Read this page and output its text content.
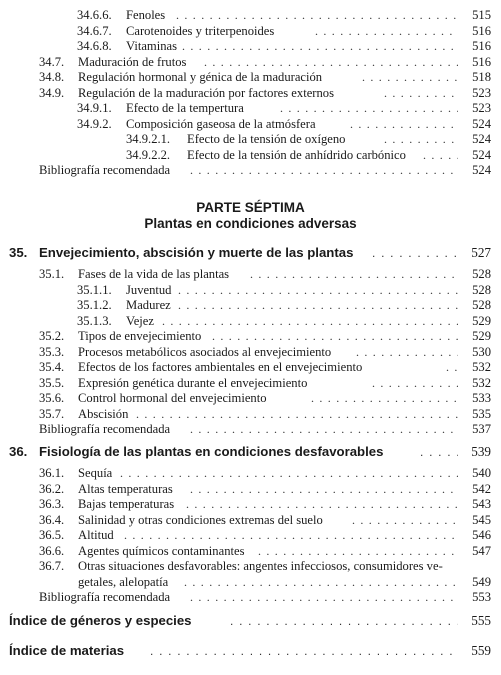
34.6.6. Fenoles . . .	515
34.6.7. Carotenoides y triterpenoides . . .	516
34.6.8. Vitaminas . . .	516
34.7. Maduración de frutos . . .	516
34.8. Regulación hormonal y génica de la maduración . . .	518
34.9. Regulación de la maduración por factores externos . . .	523
34.9.1. Efecto de la tempertura . . .	523
34.9.2. Composición gaseosa de la atmósfera . . .	524
34.9.2.1. Efecto de la tensión de oxígeno . . .	524
34.9.2.2. Efecto de la tensión de anhídrido carbónico . . .	524
Bibliografía recomendada . . .	524
PARTE SÉPTIMA
Plantas en condiciones adversas
35. Envejecimiento, abscisión y muerte de las plantas . . .	527
35.1. Fases de la vida de las plantas . . .	528
35.1.1. Juventud . . .	528
35.1.2. Madurez . . .	528
35.1.3. Vejez . . .	529
35.2. Tipos de envejecimiento . . .	529
35.3. Procesos metabólicos asociados al envejecimiento . . .	530
35.4. Efectos de los factores ambientales en el envejecimiento . . .	532
35.5. Expresión genética durante el envejecimiento . . .	532
35.6. Control hormonal del envejecimiento . . .	533
35.7. Abscisión . . .	535
Bibliografía recomendada . . .	537
36. Fisiología de las plantas en condiciones desfavorables . . .	539
36.1. Sequía . . .	540
36.2. Altas temperaturas . . .	542
36.3. Bajas temperaturas . . .	543
36.4. Salinidad y otras condiciones extremas del suelo . . .	545
36.5. Altitud . . .	546
36.6. Agentes químicos contaminantes . . .	547
36.7. Otras situaciones desfavorables: angentes infecciosos, consumidores ve-
getales, alelopatía . . .	549
Bibliografía recomendada . . .	553
Índice de géneros y especies . . .	555
Índice de materias . . .	559
